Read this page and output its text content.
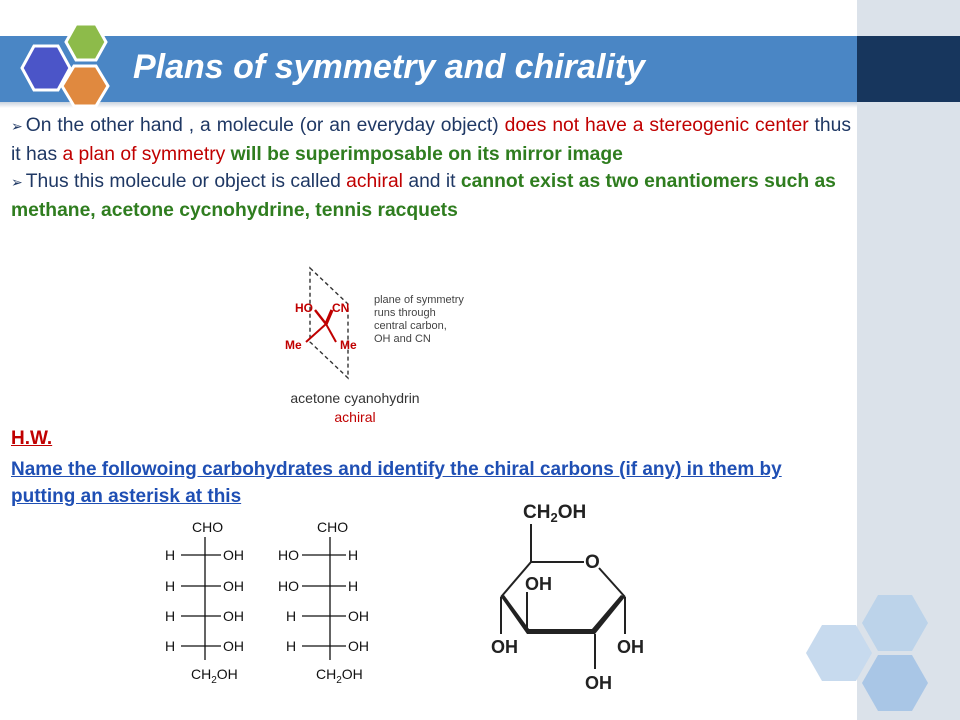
Plans of symmetry and chirality

➢ On the other hand , a molecule (or an everyday object) does not have a stereogenic center thus it has a plan of symmetry will be superimposable on its mirror image

➢ Thus this molecule or object is called achiral and it cannot exist as two enantiomers such as methane, acetone cycnohydrine, tennis racquets

HO CN
Me	Me
plane of symmetry
runs through
central carbon,
OH and CN
acetone cyanohydrin
achiral

H.W.

Name the followoing carbohydrates and identify the chiral carbons (if any) in them by putting an asterisk at this

CHO
H	OH
H	OH
H	OH
H	OH
$CH_2OH$
CHO
HO	H
HO	H
H	OH
H	OH
$CH_2OH$
$CH_2OH$
O
OH
OH	OH
OH
